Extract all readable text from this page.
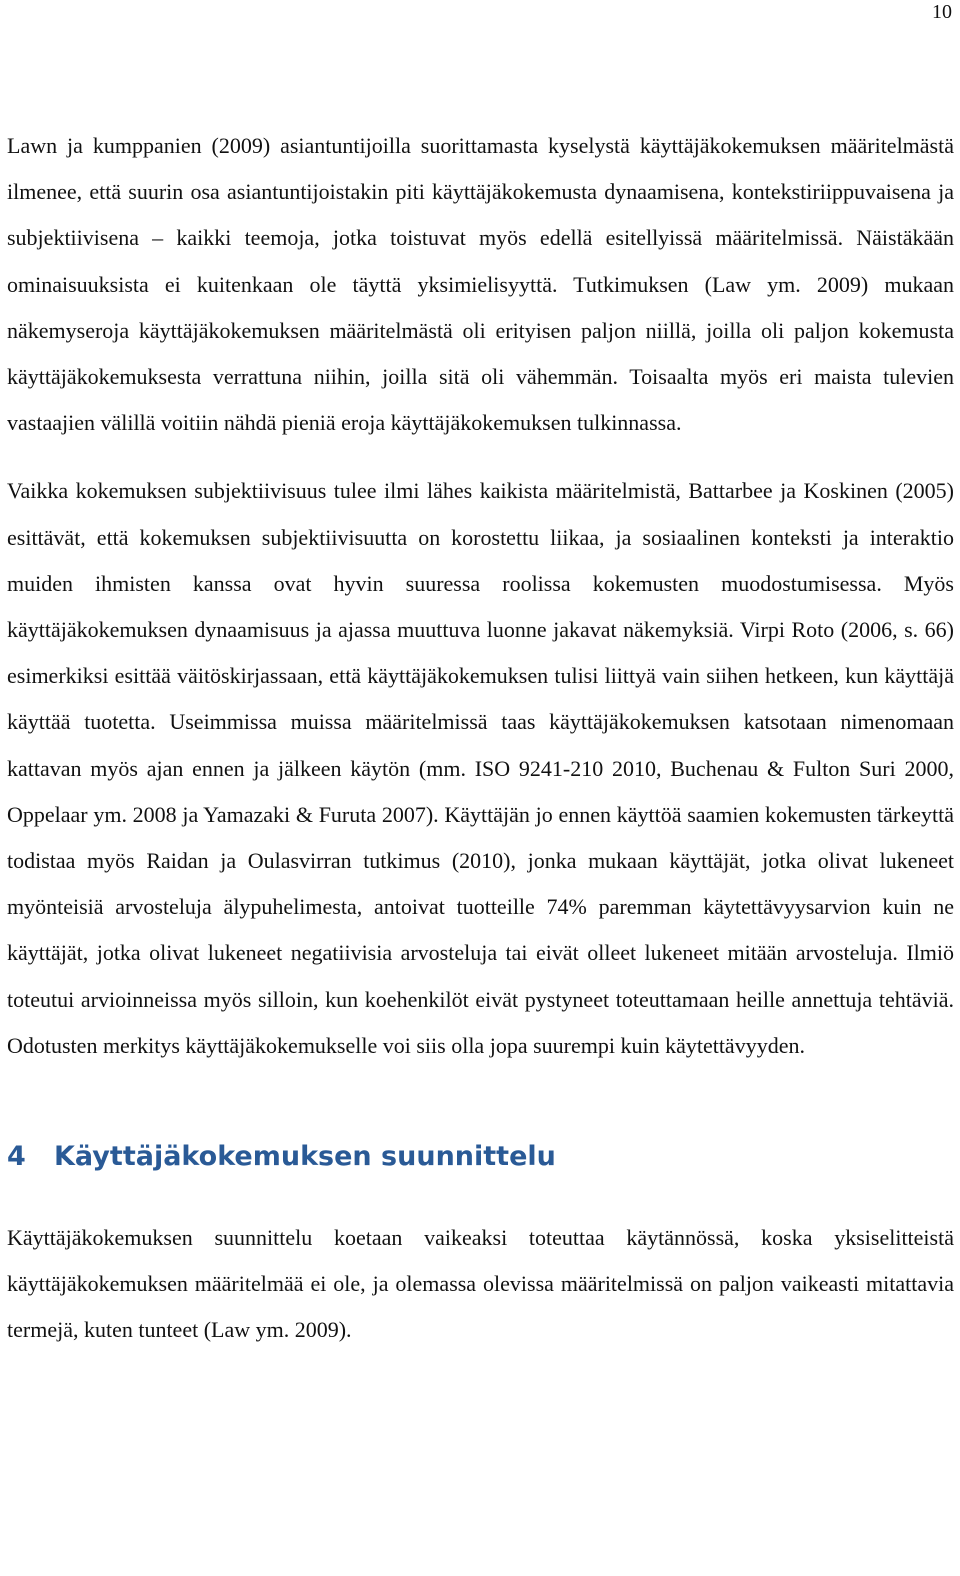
10

Lawn ja kumppanien (2009) asiantuntijoilla suorittamasta kyselystä käyttäjäkokemuksen määritelmästä ilmenee, että suurin osa asiantuntijoistakin piti käyttäjäkokemusta dynaamisena, kontekstiriippuvaisena ja subjektiivisena – kaikki teemoja, jotka toistuvat myös edellä esitellyissä määritelmissä. Näistäkään ominaisuuksista ei kuitenkaan ole täyttä yksimielisyyttä. Tutkimuksen (Law ym. 2009) mukaan näkemyseroja käyttäjäkokemuksen määritelmästä oli erityisen paljon niillä, joilla oli paljon kokemusta käyttäjäkokemuksesta verrattuna niihin, joilla sitä oli vähemmän. Toisaalta myös eri maista tulevien vastaajien välillä voitiin nähdä pieniä eroja käyttäjäkokemuksen tulkinnassa.

Vaikka kokemuksen subjektiivisuus tulee ilmi lähes kaikista määritelmistä, Battarbee ja Koskinen (2005) esittävät, että kokemuksen subjektiivisuutta on korostettu liikaa, ja sosiaalinen konteksti ja interaktio muiden ihmisten kanssa ovat hyvin suuressa roolissa kokemusten muodostumisessa. Myös käyttäjäkokemuksen dynaamisuus ja ajassa muuttuva luonne jakavat näkemyksiä. Virpi Roto (2006, s. 66) esimerkiksi esittää väitöskirjassaan, että käyttäjäkokemuksen tulisi liittyä vain siihen hetkeen, kun käyttäjä käyttää tuotetta. Useimmissa muissa määritelmissä taas käyttäjäkokemuksen katsotaan nimenomaan kattavan myös ajan ennen ja jälkeen käytön (mm. ISO 9241-210 2010, Buchenau & Fulton Suri 2000, Oppelaar ym. 2008 ja Yamazaki & Furuta 2007). Käyttäjän jo ennen käyttöä saamien kokemusten tärkeyttä todistaa myös Raidan ja Oulasvirran tutkimus (2010), jonka mukaan käyttäjät, jotka olivat lukeneet myönteisiä arvosteluja älypuhelimesta, antoivat tuotteille 74% paremman käytettävyysarvion kuin ne käyttäjät, jotka olivat lukeneet negatiivisia arvosteluja tai eivät olleet lukeneet mitään arvosteluja. Ilmiö toteutui arvioinneissa myös silloin, kun koehenkilöt eivät pystyneet toteuttamaan heille annettuja tehtäviä. Odotusten merkitys käyttäjäkokemukselle voi siis olla jopa suurempi kuin käytettävyyden.

4 Käyttäjäkokemuksen suunnittelu

Käyttäjäkokemuksen suunnittelu koetaan vaikeaksi toteuttaa käytännössä, koska yksiselitteistä käyttäjäkokemuksen määritelmää ei ole, ja olemassa olevissa määritelmissä on paljon vaikeasti mitattavia termejä, kuten tunteet (Law ym. 2009).
